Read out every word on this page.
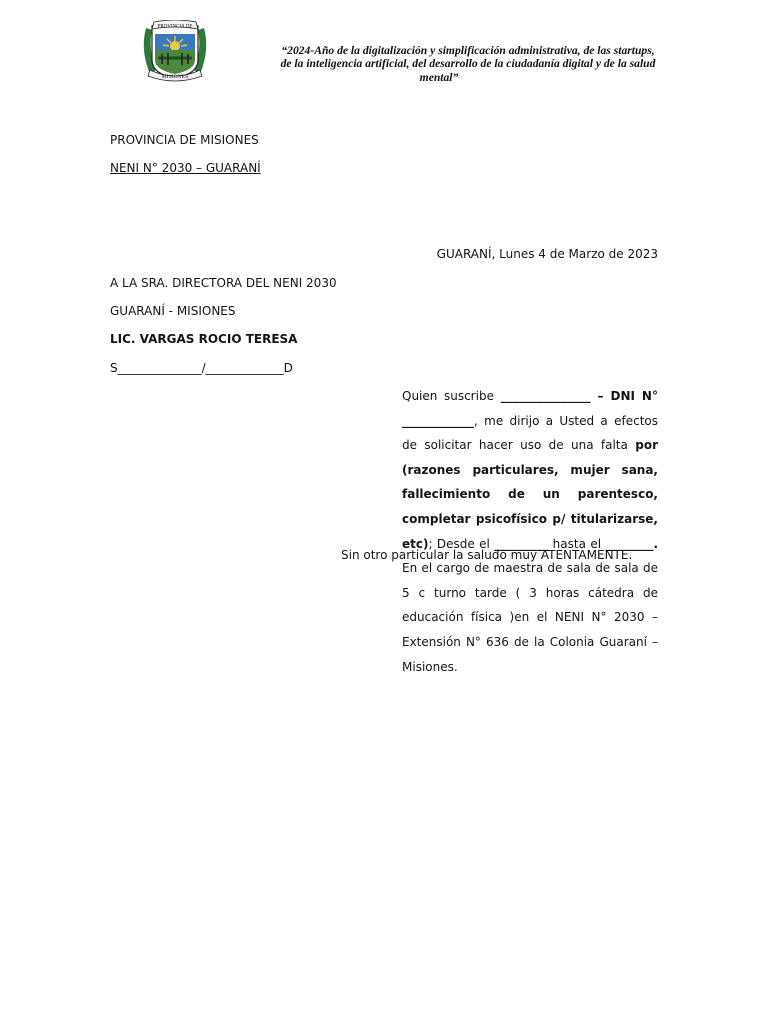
PROVINCIA DE
MISIONES
“2024-Año de la digitalización y simplificación administrativa, de las startups,
de la inteligencia artificial, del desarrollo de la ciudadanía digital y de la salud
mental”
PROVINCIA DE MISIONES
NENI N° 2030 – GUARANÍ
GUARANÍ, Lunes 4 de Marzo de 2023
A LA SRA. DIRECTORA DEL NENI 2030
GUARANÍ - MISIONES
LIC. VARGAS ROCIO TERESA
S______________/_____________D
Quien suscribe _______________ – DNI N° ____________, me dirijo a Usted a efectos de solicitar hacer uso de una falta por (razones particulares, mujer sana, fallecimiento de un parentesco, completar psicofísico p/ titularizarse, etc); Desde el _________ hasta el ________. En el cargo de maestra de sala de sala de 5 c turno tarde ( 3 horas cátedra de educación física )en el NENI N° 2030 – Extensión N° 636 de la Colonia Guaraní – Misiones.
Sin otro particular la saludo muy ATENTAMENTE.
